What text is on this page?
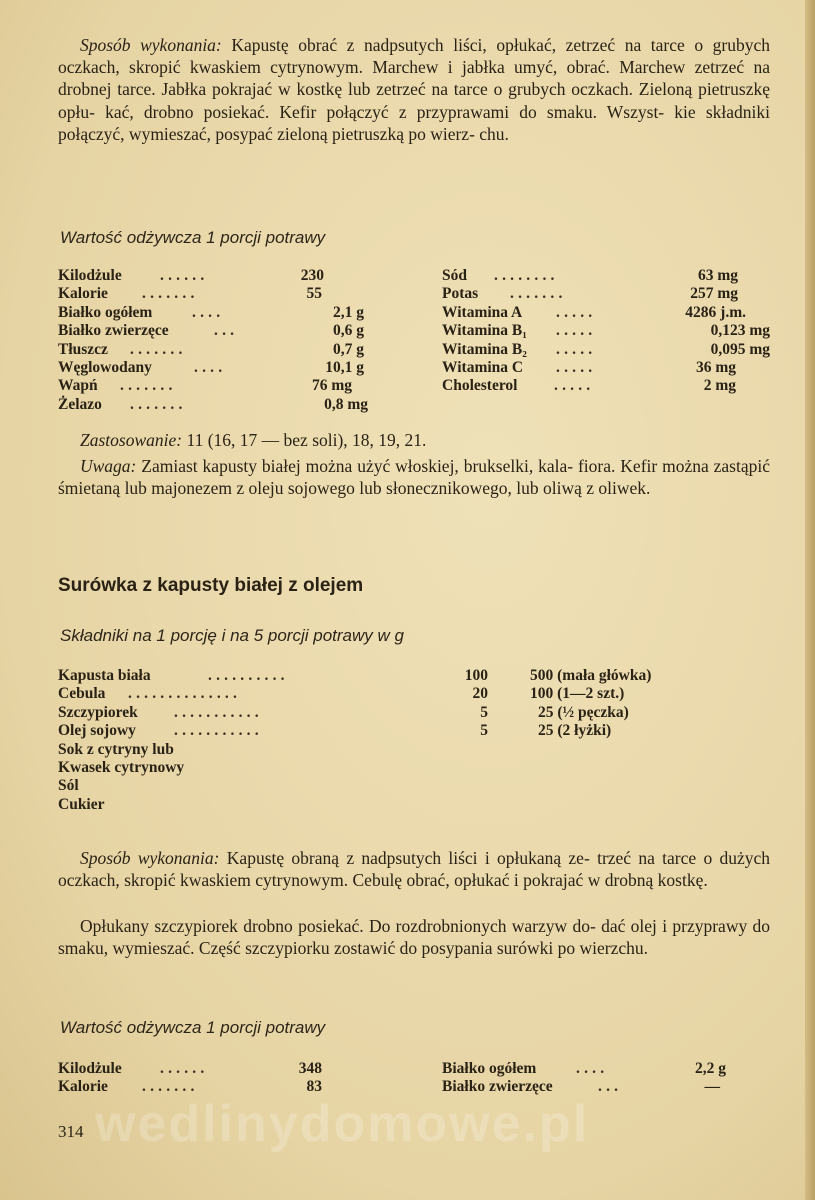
Sposób wykonania: Kapustę obrać z nadpsutych liści, opłukać, zetrzeć na tarce o grubych oczkach, skropić kwaskiem cytrynowym. Marchew i jabłka umyć, obrać. Marchew zetrzeć na drobnej tarce. Jabłka pokrajać w kostkę lub zetrzeć na tarce o grubych oczkach. Zieloną pietruszkę opłu- kać, drobno posiekać. Kefir połączyć z przyprawami do smaku. Wszyst- kie składniki połączyć, wymieszać, posypać zieloną pietruszką po wierz- chu.
Wartość odżywcza 1 porcji potrawy
Kilodżule ......	230
Kalorie .......	55
Białko ogółem	....	2,1 g
Białko zwierzęce	...	0,6 g
Tłuszcz .......	0,7 g
Węglowodany	....	10,1 g
Wapń .......	76 mg
Żelazo .......	0,8 mg
Sód ........	63 mg
Potas .......	257 mg
Witamina A .....	4286 j.m.
Witamina B₁ .....	0,123 mg
Witamina B₂ .....	0,095 mg
Witamina C .....	36 mg
Cholesterol .....	2 mg
Zastosowanie: 11 (16, 17 — bez soli), 18, 19, 21.
Uwaga: Zamiast kapusty białej można użyć włoskiej, brukselki, kala- fiora. Kefir można zastąpić śmietaną lub majonezem z oleju sojowego lub słonecznikowego, lub oliwą z oliwek.
Surówka z kapusty białej z olejem
Składniki na 1 porcję i na 5 porcji potrawy w g
Kapusta biała	..........	100	500 (mała główka)
Cebula ..............	20	100 (1—2 szt.)
Szczypiorek ...........	5	25 (½ pęczka)
Olej sojowy ...........	5	25 (2 łyżki)
Sok z cytryny lub
Kwasek cytrynowy
Sól
Cukier
Sposób wykonania: Kapustę obraną z nadpsutych liści i opłukaną ze- trzeć na tarce o dużych oczkach, skropić kwaskiem cytrynowym. Cebulę obrać, opłukać i pokrajać w drobną kostkę.
Opłukany szczypiorek drobno posiekać. Do rozdrobnionych warzyw do- dać olej i przyprawy do smaku, wymieszać. Część szczypiorku zostawić do posypania surówki po wierzchu.
Wartość odżywcza 1 porcji potrawy
Kilodżule ......	348
Kalorie .......	83
Białko ogółem	....	2,2 g
Białko zwierzęce	...	—
wedlinydomowe.pl
314
